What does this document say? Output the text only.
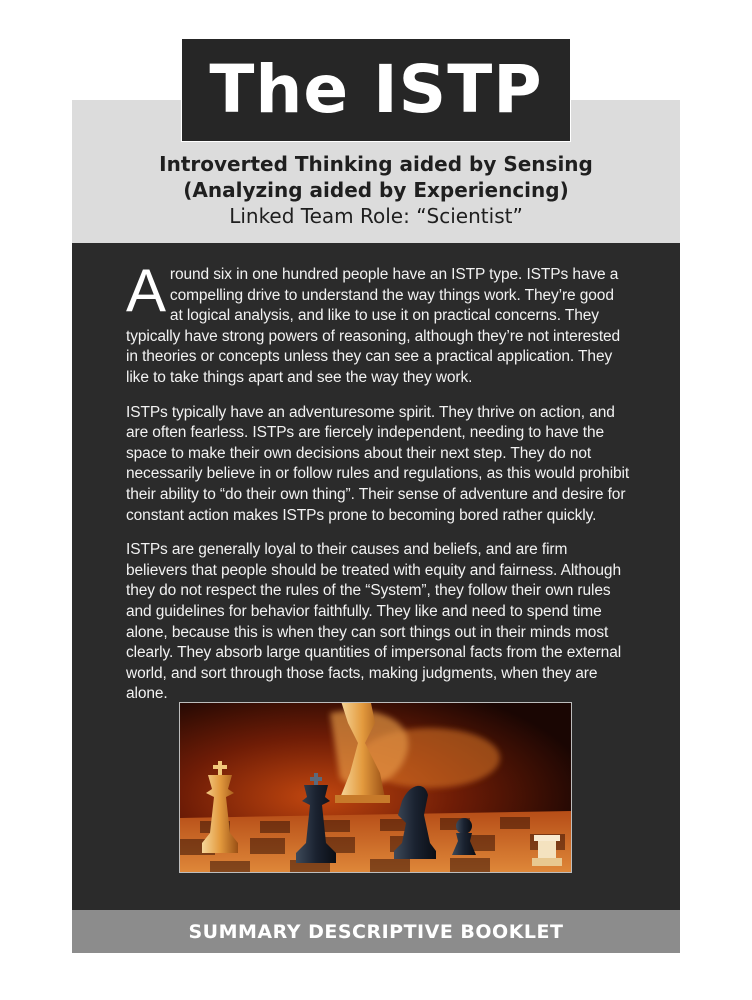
Introverted Thinking aided by Sensing
(Analyzing aided by Experiencing)
Linked Team Role: “Scientist”

Around six in one hundred people have an ISTP type. ISTPs have a compelling drive to understand the way things work. They’re good at logical analysis, and like to use it on practical concerns. They typically have strong powers of reasoning, although they’re not interested in theories or concepts unless they can see a practical application. They like to take things apart and see the way they work.

ISTPs typically have an adventuresome spirit. They thrive on action, and are often fearless. ISTPs are fiercely independent, needing to have the space to make their own decisions about their next step. They do not necessarily believe in or follow rules and regulations, as this would prohibit their ability to “do their own thing”. Their sense of adventure and desire for constant action makes ISTPs prone to becoming bored rather quickly.

ISTPs are generally loyal to their causes and beliefs, and are firm believers that people should be treated with equity and fairness. Although they do not respect the rules of the “System”, they follow their own rules and guidelines for behavior faithfully. They like and need to spend time alone, because this is when they can sort things out in their minds most clearly. They absorb large quantities of impersonal facts from the external world, and sort through those facts, making judgments, when they are alone.

SUMMARY DESCRIPTIVE BOOKLET
The ISTP
